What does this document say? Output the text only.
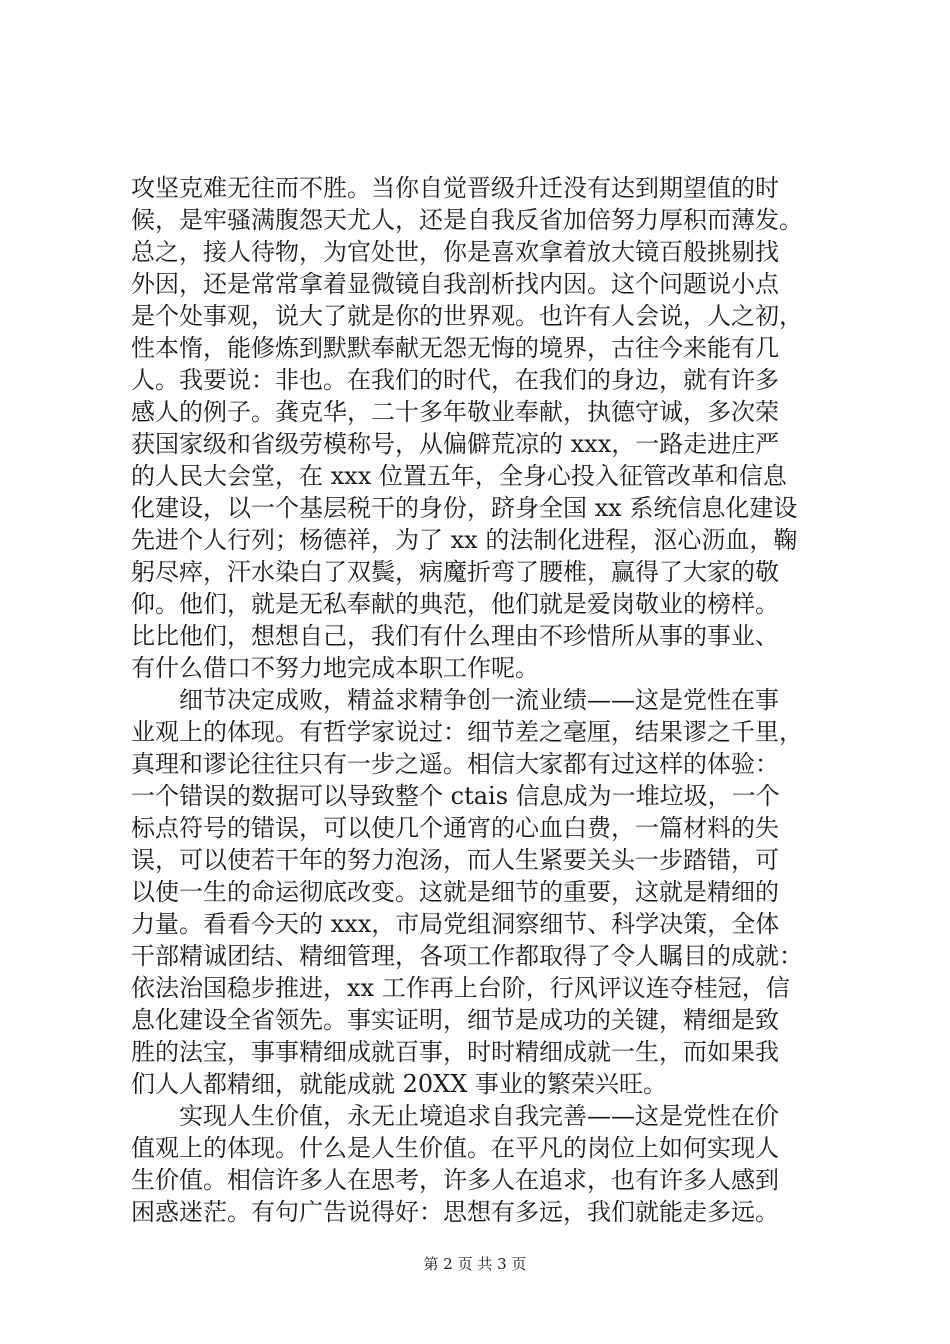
攻坚克难无往而不胜。当你自觉晋级升迁没有达到期望值的时
候，是牢骚满腹怨天尤人，还是自我反省加倍努力厚积而薄发。
总之，接人待物，为官处世，你是喜欢拿着放大镜百般挑剔找
外因，还是常常拿着显微镜自我剖析找内因。这个问题说小点
是个处事观，说大了就是你的世界观。也许有人会说，人之初，
性本惰，能修炼到默默奉献无怨无悔的境界，古往今来能有几
人。我要说：非也。在我们的时代，在我们的身边，就有许多
感人的例子。龚克华，二十多年敬业奉献，执德守诚，多次荣
获国家级和省级劳模称号，从偏僻荒凉的 xxx，一路走进庄严
的人民大会堂，在 xxx 位置五年，全身心投入征管改革和信息
化建设，以一个基层税干的身份，跻身全国 xx 系统信息化建设
先进个人行列；杨德祥，为了 xx 的法制化进程，沤心沥血，鞠
躬尽瘁，汗水染白了双鬓，病魔折弯了腰椎，赢得了大家的敬
仰。他们，就是无私奉献的典范，他们就是爱岗敬业的榜样。
比比他们，想想自己，我们有什么理由不珍惜所从事的事业、
有什么借口不努力地完成本职工作呢。
　　细节决定成败，精益求精争创一流业绩——这是党性在事
业观上的体现。有哲学家说过：细节差之毫厘，结果谬之千里，
真理和谬论往往只有一步之遥。相信大家都有过这样的体验：
一个错误的数据可以导致整个 ctais 信息成为一堆垃圾，一个
标点符号的错误，可以使几个通宵的心血白费，一篇材料的失
误，可以使若干年的努力泡汤，而人生紧要关头一步踏错，可
以使一生的命运彻底改变。这就是细节的重要，这就是精细的
力量。看看今天的 xxx，市局党组洞察细节、科学决策，全体
干部精诚团结、精细管理，各项工作都取得了令人瞩目的成就：
依法治国稳步推进，xx 工作再上台阶，行风评议连夺桂冠，信
息化建设全省领先。事实证明，细节是成功的关键，精细是致
胜的法宝，事事精细成就百事，时时精细成就一生，而如果我
们人人都精细，就能成就 20XX 事业的繁荣兴旺。
　　实现人生价值，永无止境追求自我完善——这是党性在价
值观上的体现。什么是人生价值。在平凡的岗位上如何实现人
生价值。相信许多人在思考，许多人在追求，也有许多人感到
困惑迷茫。有句广告说得好：思想有多远，我们就能走多远。
第 2 页 共 3 页
